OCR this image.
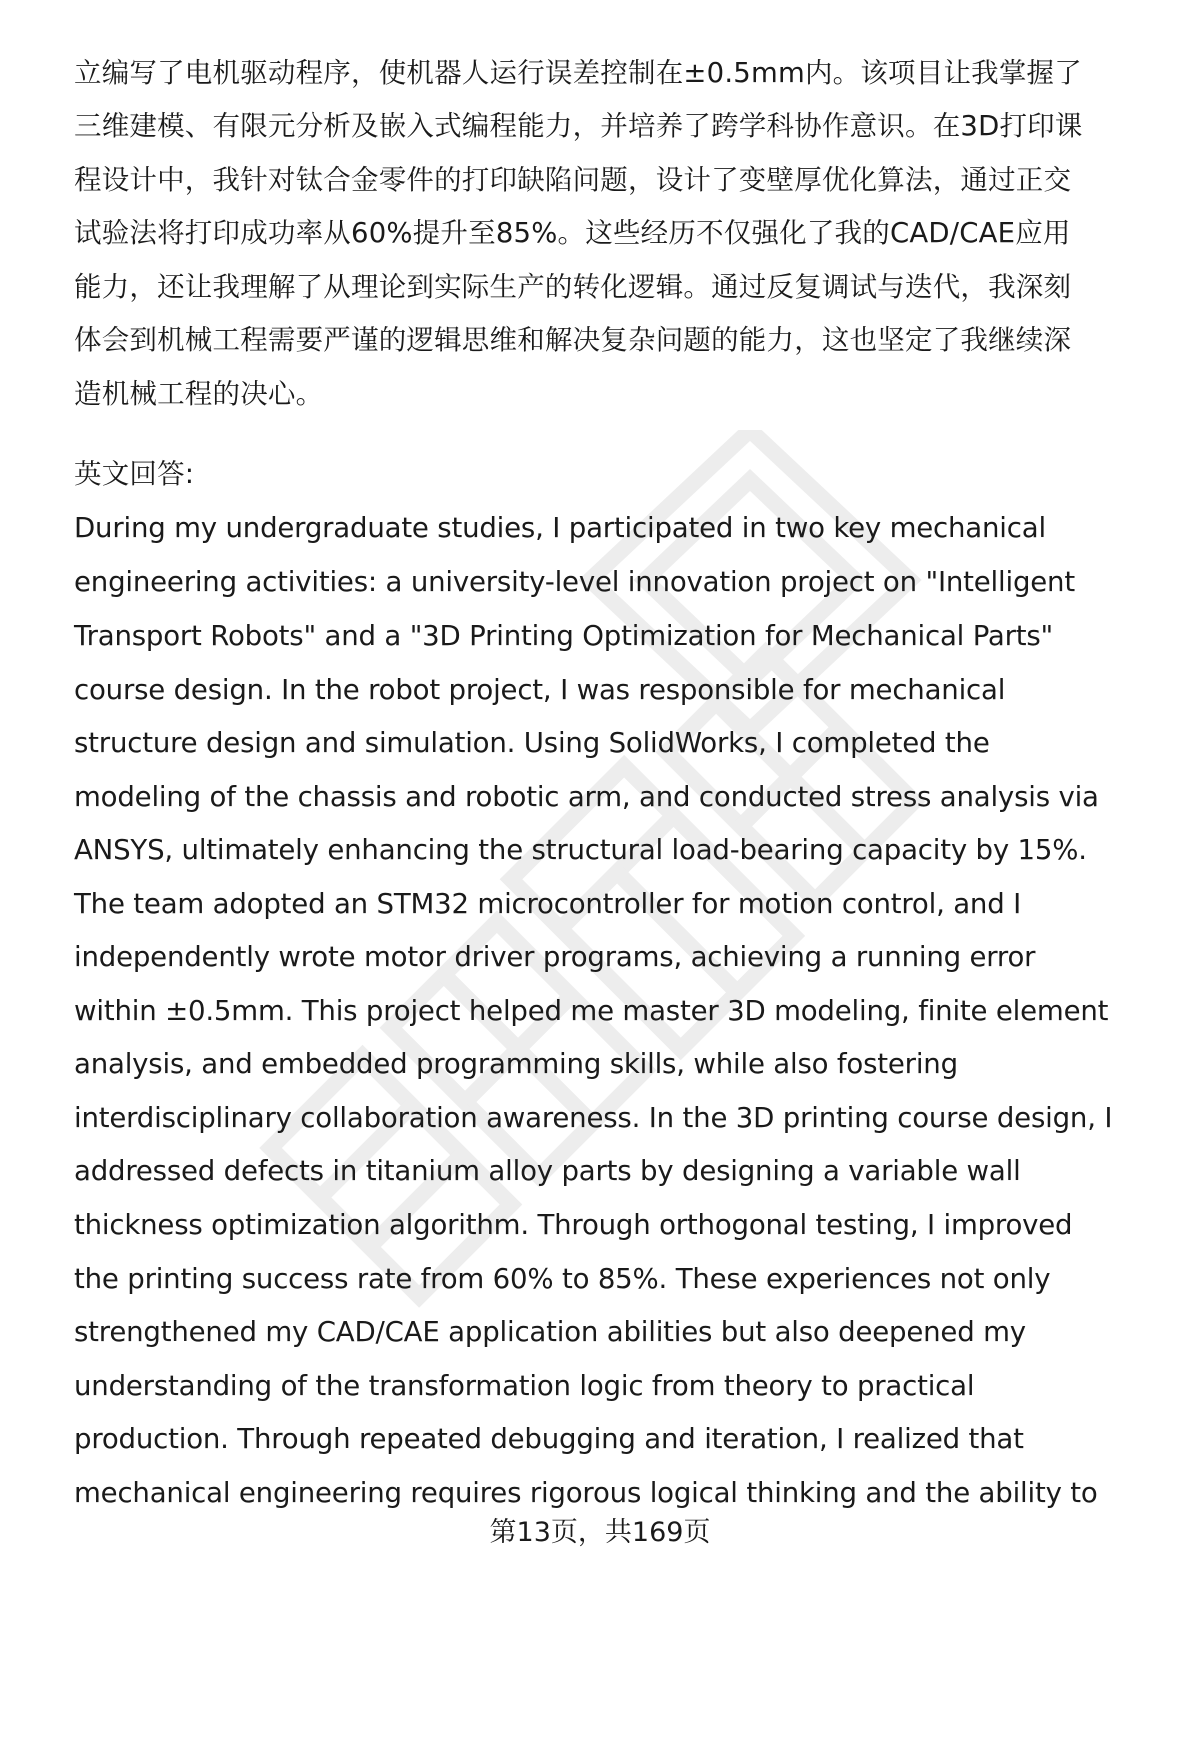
立编写了电机驱动程序，使机器人运行误差控制在±0.5mm内。该项目让我掌握了
三维建模、有限元分析及嵌入式编程能力，并培养了跨学科协作意识。在3D打印课
程设计中，我针对钛合金零件的打印缺陷问题，设计了变壁厚优化算法，通过正交
试验法将打印成功率从60%提升至85%。这些经历不仅强化了我的CAD/CAE应用
能力，还让我理解了从理论到实际生产的转化逻辑。通过反复调试与迭代，我深刻
体会到机械工程需要严谨的逻辑思维和解决复杂问题的能力，这也坚定了我继续深
造机械工程的决心。
英文回答:
During my undergraduate studies, I participated in two key mechanical
engineering activities: a university-level innovation project on "Intelligent
Transport Robots" and a "3D Printing Optimization for Mechanical Parts"
course design. In the robot project, I was responsible for mechanical
structure design and simulation. Using SolidWorks, I completed the
modeling of the chassis and robotic arm, and conducted stress analysis via
ANSYS, ultimately enhancing the structural load-bearing capacity by 15%.
The team adopted an STM32 microcontroller for motion control, and I
independently wrote motor driver programs, achieving a running error
within ±0.5mm. This project helped me master 3D modeling, finite element
analysis, and embedded programming skills, while also fostering
interdisciplinary collaboration awareness. In the 3D printing course design, I
addressed defects in titanium alloy parts by designing a variable wall
thickness optimization algorithm. Through orthogonal testing, I improved
the printing success rate from 60% to 85%. These experiences not only
strengthened my CAD/CAE application abilities but also deepened my
understanding of the transformation logic from theory to practical
production. Through repeated debugging and iteration, I realized that
mechanical engineering requires rigorous logical thinking and the ability to
第13页，共169页
